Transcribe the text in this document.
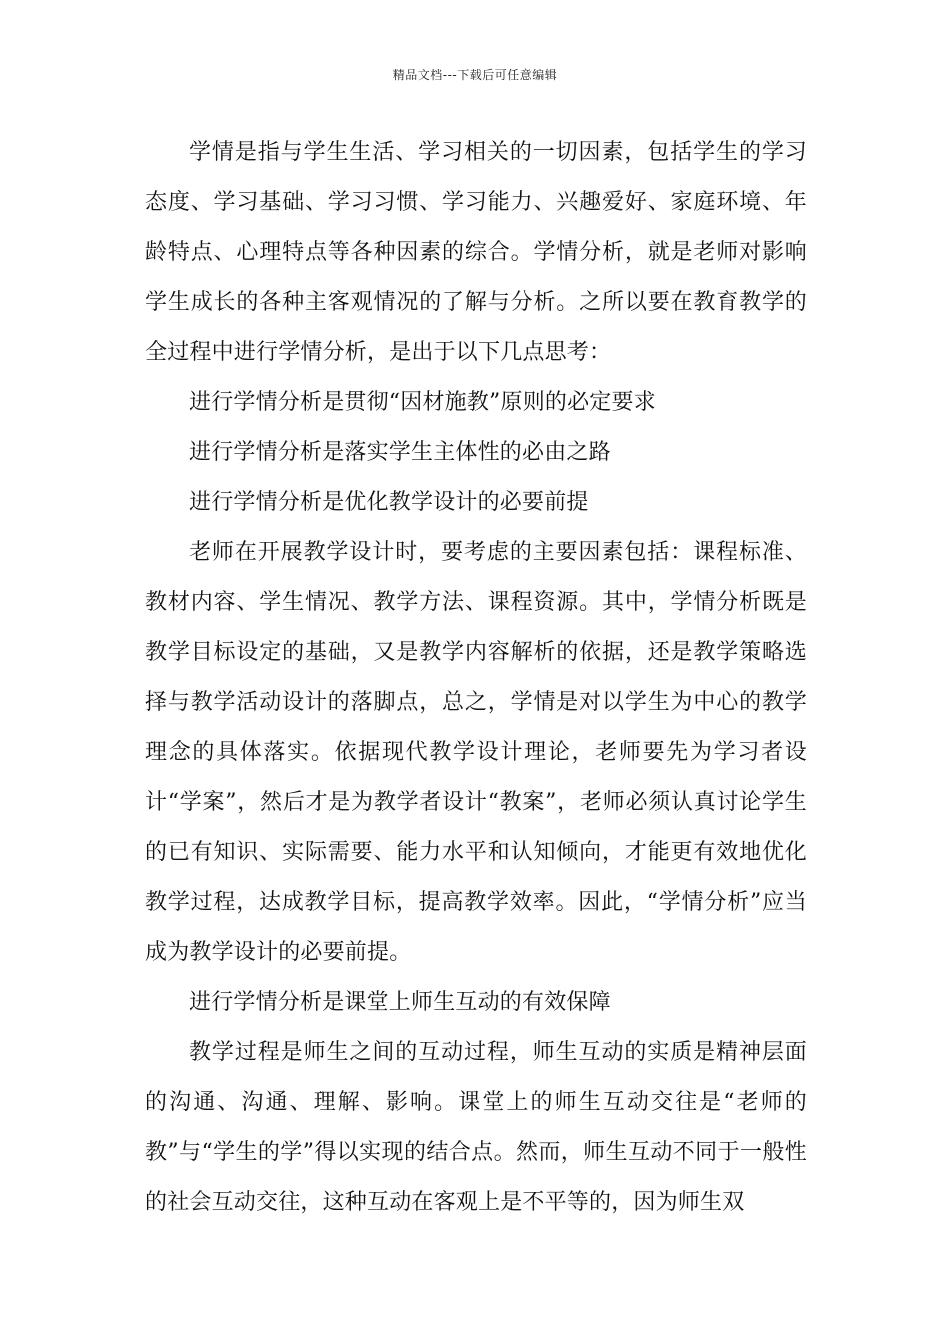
精品文档---下载后可任意编辑

学情是指与学生生活、学习相关的一切因素，包括学生的学习态度、学习基础、学习习惯、学习能力、兴趣爱好、家庭环境、年龄特点、心理特点等各种因素的综合。学情分析，就是老师对影响学生成长的各种主客观情况的了解与分析。之所以要在教育教学的全过程中进行学情分析，是出于以下几点思考：

进行学情分析是贯彻“因材施教”原则的必定要求

进行学情分析是落实学生主体性的必由之路

进行学情分析是优化教学设计的必要前提

老师在开展教学设计时，要考虑的主要因素包括：课程标准、教材内容、学生情况、教学方法、课程资源。其中，学情分析既是教学目标设定的基础，又是教学内容解析的依据，还是教学策略选择与教学活动设计的落脚点，总之，学情是对以学生为中心的教学理念的具体落实。依据现代教学设计理论，老师要先为学习者设计“学案”，然后才是为教学者设计“教案”，老师必须认真讨论学生的已有知识、实际需要、能力水平和认知倾向，才能更有效地优化教学过程，达成教学目标，提高教学效率。因此，“学情分析”应当成为教学设计的必要前提。

进行学情分析是课堂上师生互动的有效保障

教学过程是师生之间的互动过程，师生互动的实质是精神层面的沟通、沟通、理解、影响。课堂上的师生互动交往是“老师的教”与“学生的学”得以实现的结合点。然而，师生互动不同于一般性的社会互动交往，这种互动在客观上是不平等的，因为师生双
